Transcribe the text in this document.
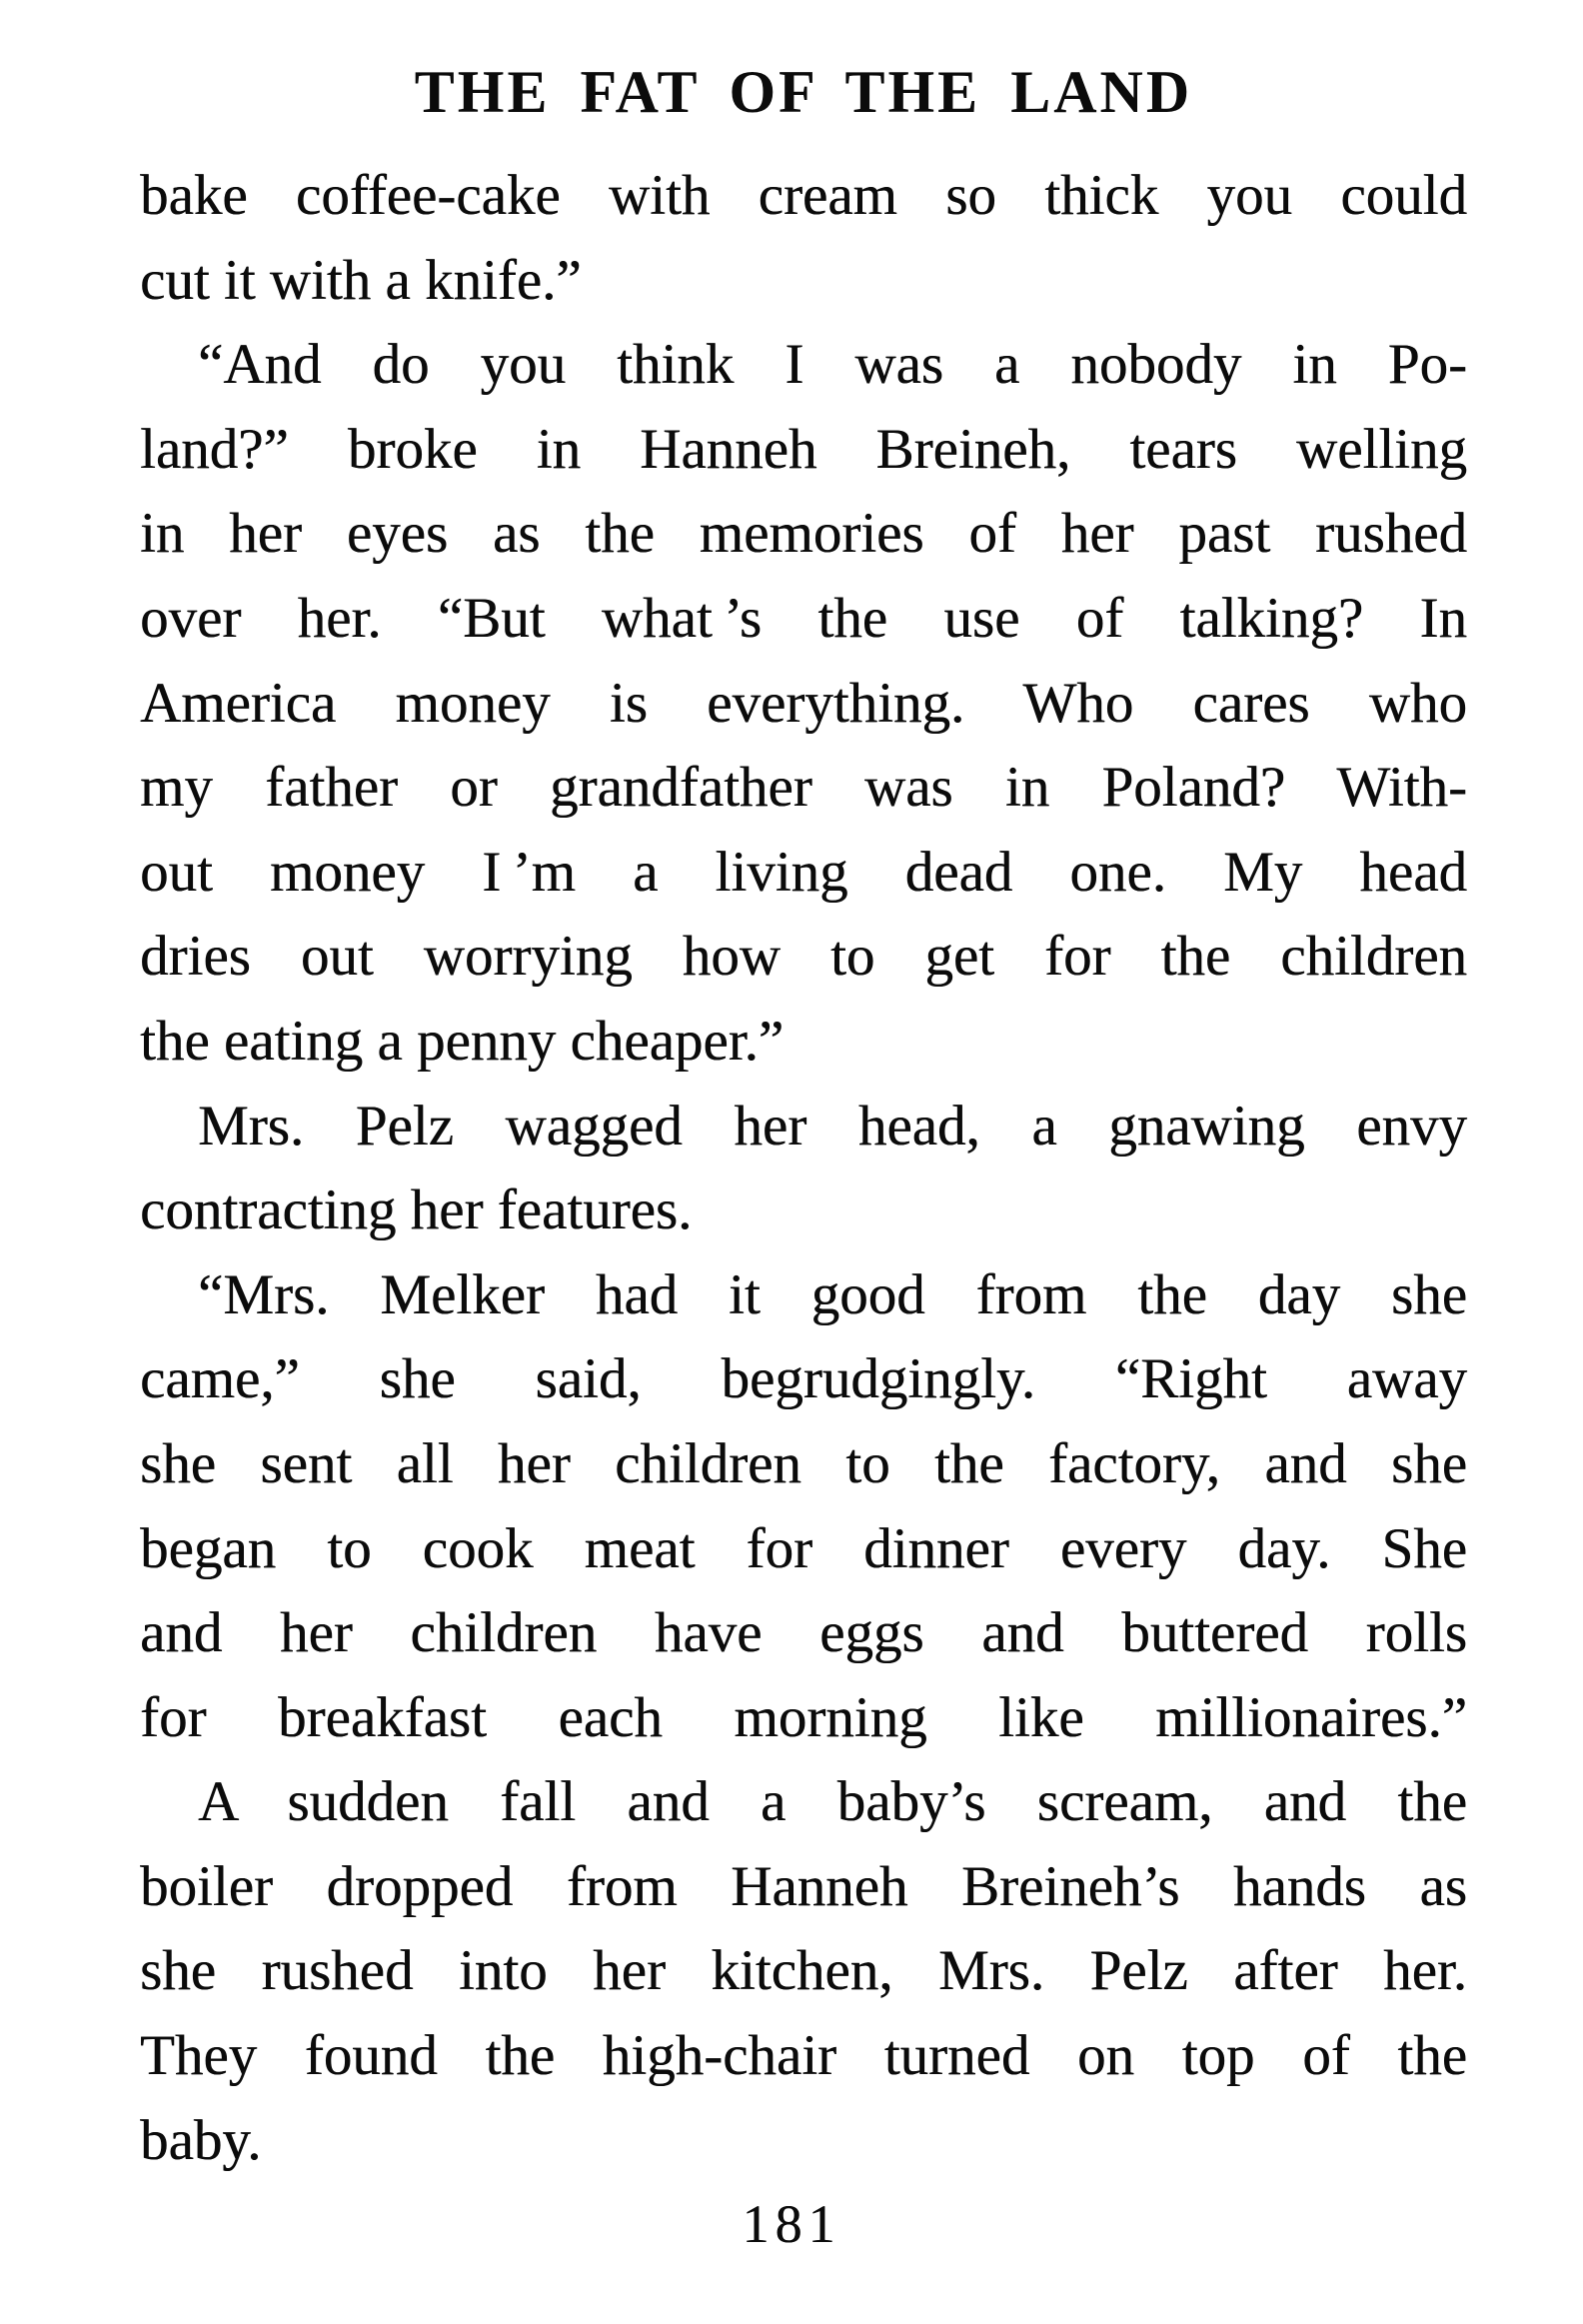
THE FAT OF THE LAND
bake coffee-cake with cream so thick you could
cut it with a knife.”
“And do you think I was a nobody in Po-
land?” broke in Hanneh Breineh, tears welling
in her eyes as the memories of her past rushed
over her. “But what ’s the use of talking? In
America money is everything. Who cares who
my father or grandfather was in Poland? With-
out money I ’m a living dead one. My head
dries out worrying how to get for the children
the eating a penny cheaper.”
Mrs. Pelz wagged her head, a gnawing envy
contracting her features.
“Mrs. Melker had it good from the day she
came,” she said, begrudgingly. “Right away
she sent all her children to the factory, and she
began to cook meat for dinner every day. She
and her children have eggs and buttered rolls
for breakfast each morning like millionaires.”
A sudden fall and a baby’s scream, and the
boiler dropped from Hanneh Breineh’s hands as
she rushed into her kitchen, Mrs. Pelz after her.
They found the high-chair turned on top of the
baby.
181
